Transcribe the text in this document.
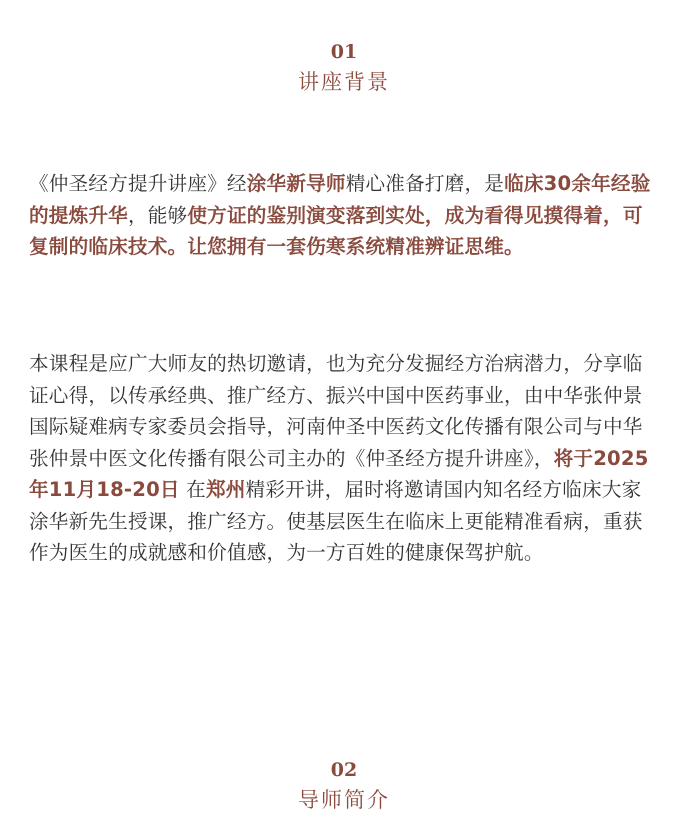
01
讲座背景

《仲圣经方提升讲座》经涂华新导师精心准备打磨，是临床30余年经验的提炼升华，能够使方证的鉴别演变落到实处，成为看得见摸得着，可复制的临床技术。让您拥有一套伤寒系统精准辨证思维。

本课程是应广大师友的热切邀请，也为充分发掘经方治病潜力，分享临证心得，以传承经典、推广经方、振兴中国中医药事业，由中华张仲景国际疑难病专家委员会指导，河南仲圣中医药文化传播有限公司与中华张仲景中医文化传播有限公司主办的《仲圣经方提升讲座》，将于2025年11月18-20日 在郑州精彩开讲，届时将邀请国内知名经方临床大家涂华新先生授课，推广经方。使基层医生在临床上更能精准看病，重获作为医生的成就感和价值感，为一方百姓的健康保驾护航。

02
导师简介
